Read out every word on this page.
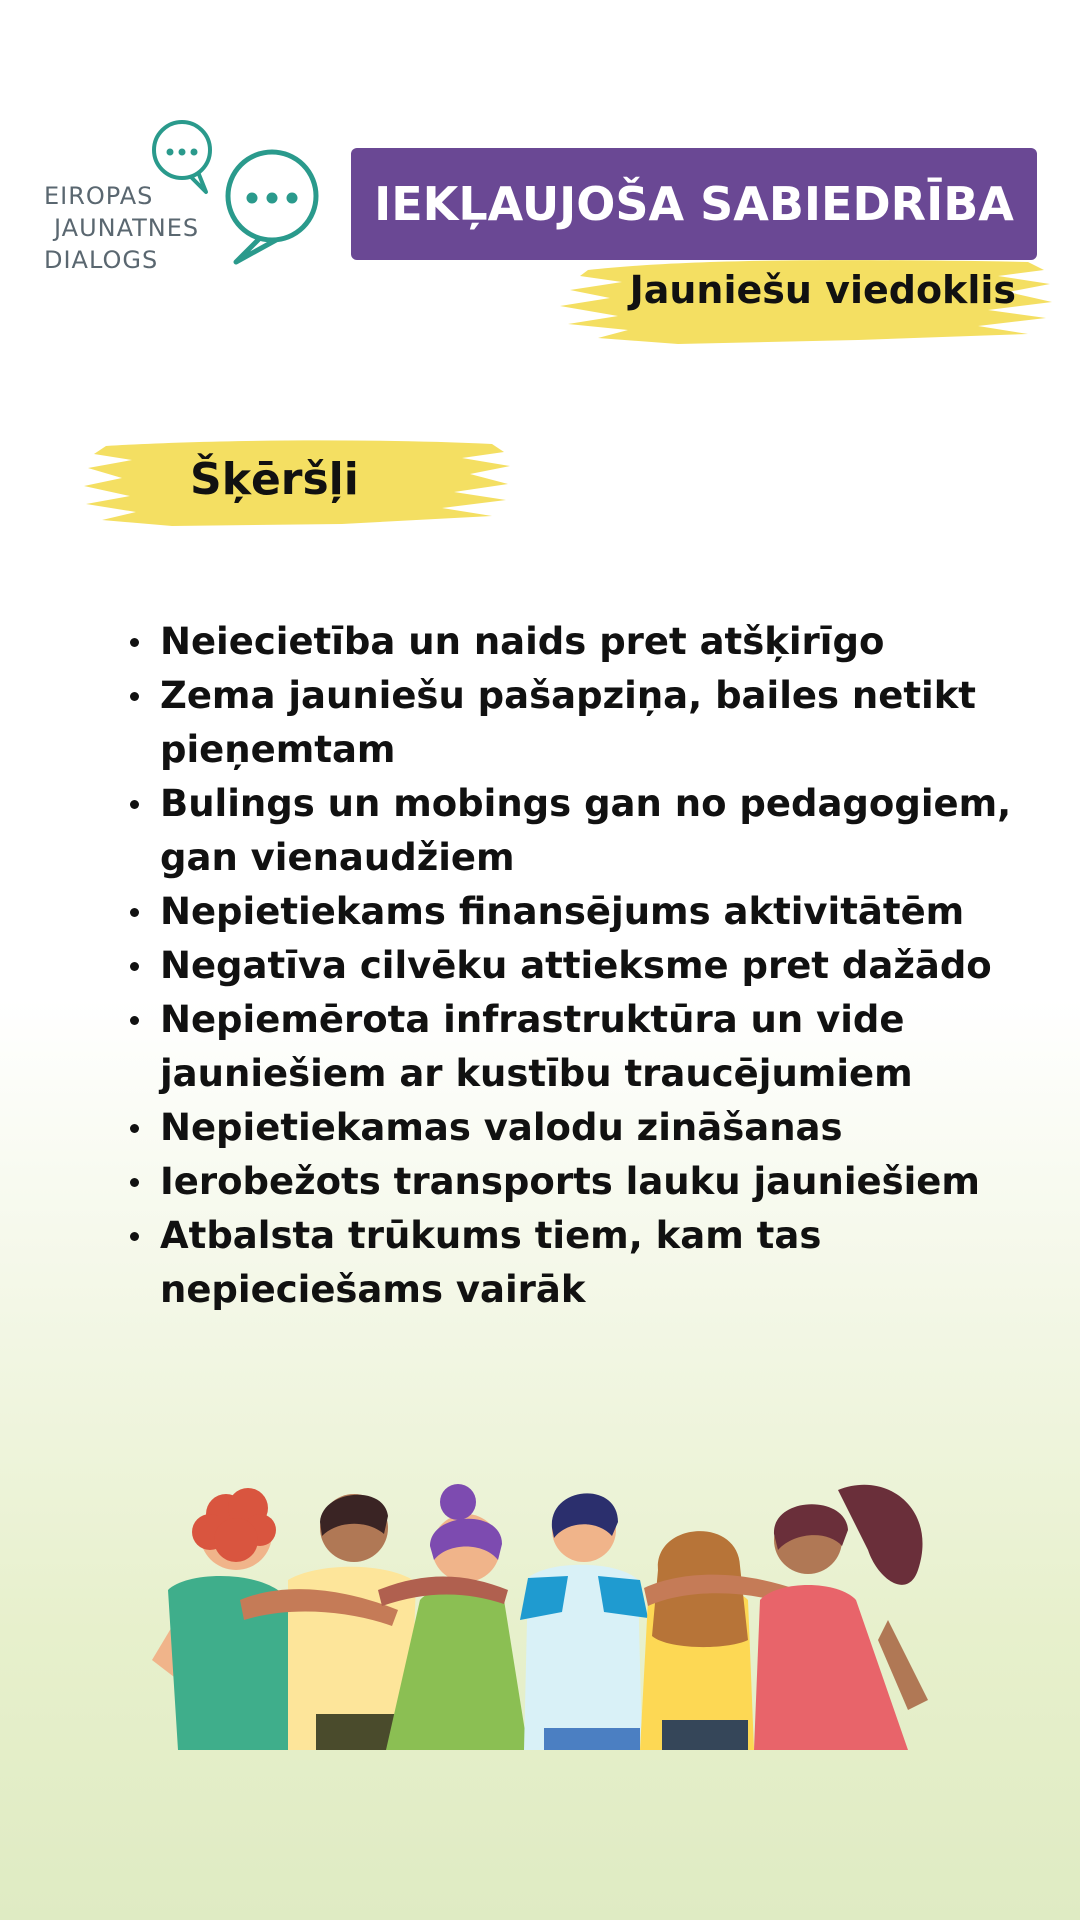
EIROPAS
JAUNATNES
DIALOGS
IEKĻAUJOŠA SABIEDRĪBA
Jauniešu viedoklis
Šķēršļi
Neiecietība un naids pret atšķirīgo
Zema jauniešu pašapziņa, bailes netikt pieņemtam
Bulings un mobings gan no pedagogiem, gan vienaudžiem
Nepietiekams finansējums aktivitātēm
Negatīva cilvēku attieksme pret dažādo
Nepiemērota infrastruktūra un vide jauniešiem ar kustību traucējumiem
Nepietiekamas valodu zināšanas
Ierobežots transports lauku jauniešiem
Atbalsta trūkums tiem, kam tas nepieciešams vairāk
